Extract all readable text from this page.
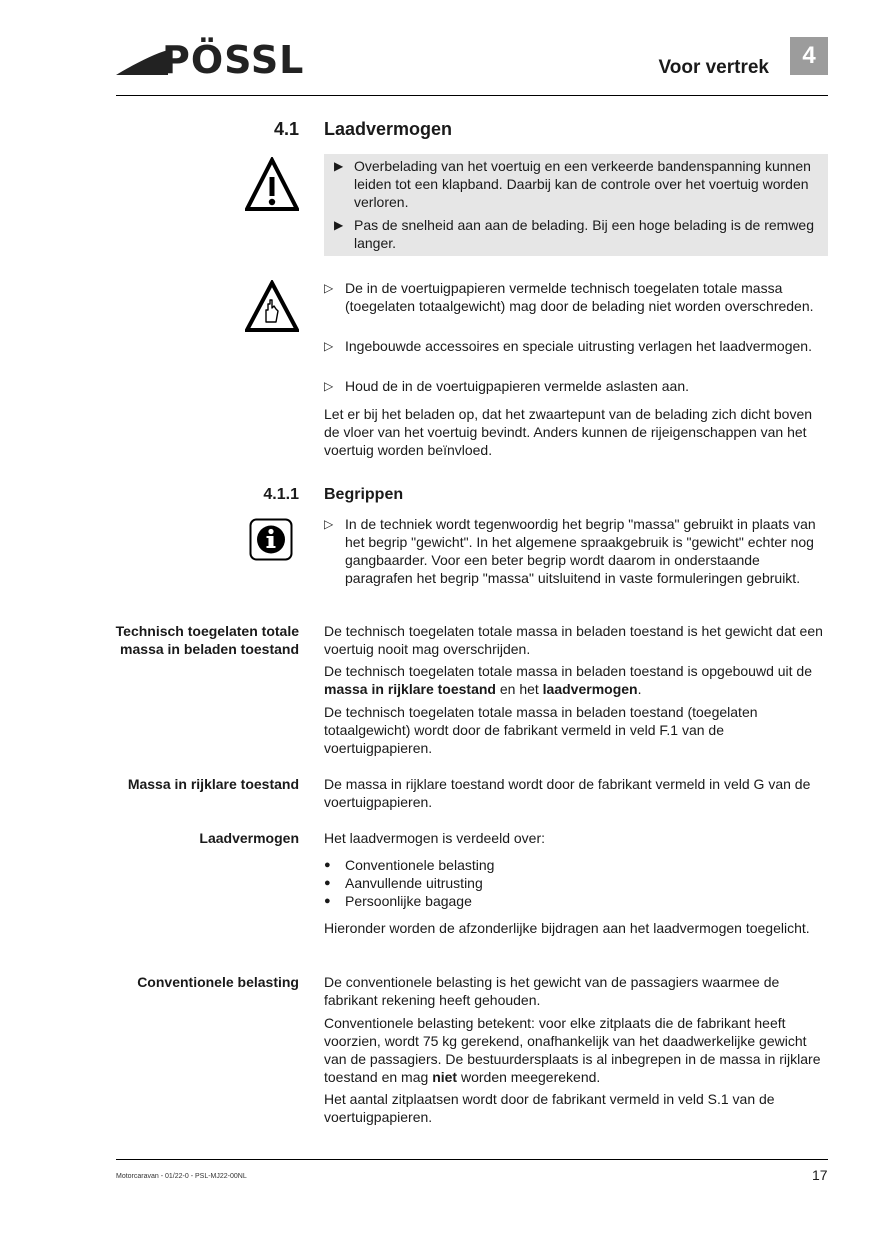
PÖSSL	Voor vertrek	4
4.1 Laadvermogen
▶ Overbelading van het voertuig en een verkeerde bandenspanning kunnen leiden tot een klapband. Daarbij kan de controle over het voertuig worden verloren.
▶ Pas de snelheid aan aan de belading. Bij een hoge belading is de remweg langer.
▷ De in de voertuigpapieren vermelde technisch toegelaten totale massa (toegelaten totaalgewicht) mag door de belading niet worden overschreden.
▷ Ingebouwde accessoires en speciale uitrusting verlagen het laadvermogen.
▷ Houd de in de voertuigpapieren vermelde aslasten aan.
Let er bij het beladen op, dat het zwaartepunt van de belading zich dicht boven de vloer van het voertuig bevindt. Anders kunnen de rijeigenschappen van het voertuig worden beïnvloed.
4.1.1 Begrippen
▷ In de techniek wordt tegenwoordig het begrip "massa" gebruikt in plaats van het begrip "gewicht". In het algemene spraakgebruik is "gewicht" echter nog gangbaarder. Voor een beter begrip wordt daarom in onderstaande paragrafen het begrip "massa" uitsluitend in vaste formuleringen gebruikt.
Technisch toegelaten totale massa in beladen toestand
De technisch toegelaten totale massa in beladen toestand is het gewicht dat een voertuig nooit mag overschrijden.
De technisch toegelaten totale massa in beladen toestand is opgebouwd uit de massa in rijklare toestand en het laadvermogen.
De technisch toegelaten totale massa in beladen toestand (toegelaten totaalgewicht) wordt door de fabrikant vermeld in veld F.1 van de voertuigpapieren.
Massa in rijklare toestand De massa in rijklare toestand wordt door de fabrikant vermeld in veld G van de voertuigpapieren.
Laadvermogen Het laadvermogen is verdeeld over:
● Conventionele belasting
● Aanvullende uitrusting
● Persoonlijke bagage
Hieronder worden de afzonderlijke bijdragen aan het laadvermogen toegelicht.
Conventionele belasting De conventionele belasting is het gewicht van de passagiers waarmee de fabrikant rekening heeft gehouden.
Conventionele belasting betekent: voor elke zitplaats die de fabrikant heeft voorzien, wordt 75 kg gerekend, onafhankelijk van het daadwerkelijke gewicht van de passagiers. De bestuurdersplaats is al inbegrepen in de massa in rijklare toestand en mag niet worden meegerekend.
Het aantal zitplaatsen wordt door de fabrikant vermeld in veld S.1 van de voertuigpapieren.
Motorcaravan - 01/22-0 - PSL-MJ22-00NL	17
